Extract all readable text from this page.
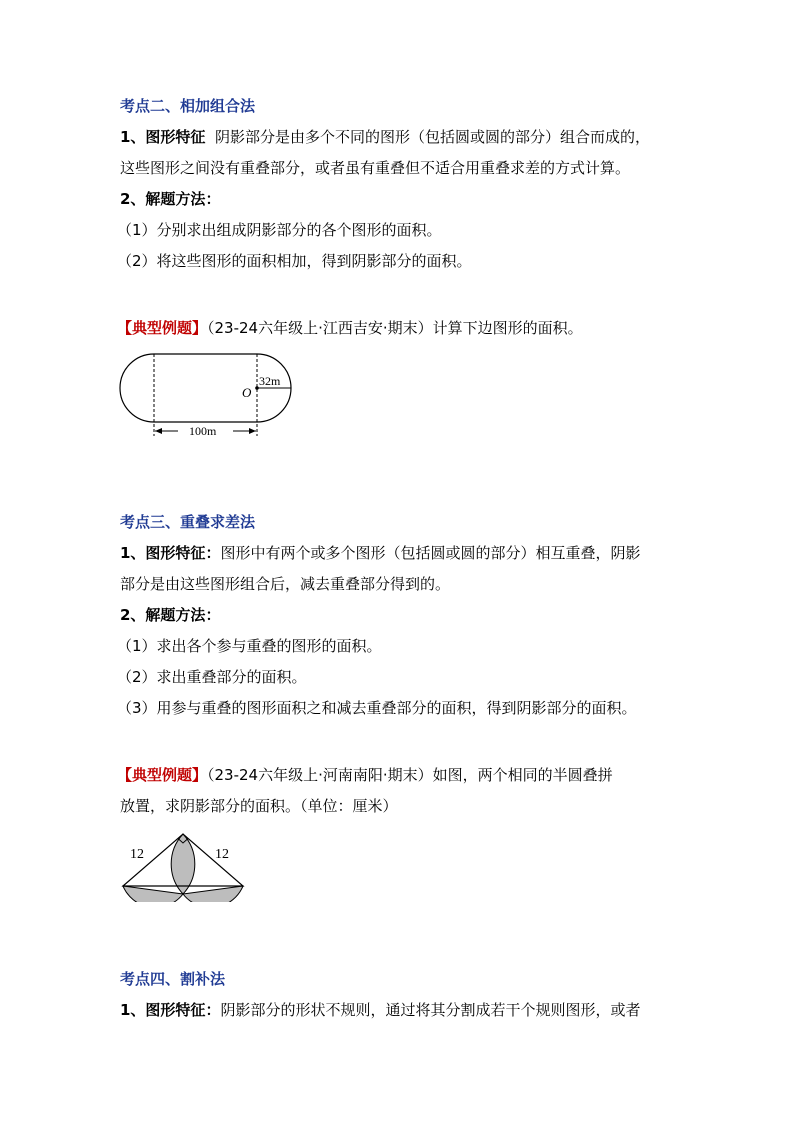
考点二、相加组合法
1、图形特征  阴影部分是由多个不同的图形（包括圆或圆的部分）组合而成的，
这些图形之间没有重叠部分，或者虽有重叠但不适合用重叠求差的方式计算。
2、解题方法：
（1）分别求出组成阴影部分的各个图形的面积。
（2）将这些图形的面积相加，得到阴影部分的面积。
【典型例题】（23-24六年级上·江西吉安·期末）计算下边图形的面积。
32m
O
100m
考点三、重叠求差法
1、图形特征：图形中有两个或多个图形（包括圆或圆的部分）相互重叠，阴影
部分是由这些图形组合后，减去重叠部分得到的。
2、解题方法：
（1）求出各个参与重叠的图形的面积。
（2）求出重叠部分的面积。
（3）用参与重叠的图形面积之和减去重叠部分的面积，得到阴影部分的面积。
【典型例题】（23-24六年级上·河南南阳·期末）如图，两个相同的半圆叠拼
放置，求阴影部分的面积。（单位：厘米）
12	12
考点四、割补法
1、图形特征：阴影部分的形状不规则，通过将其分割成若干个规则图形，或者
